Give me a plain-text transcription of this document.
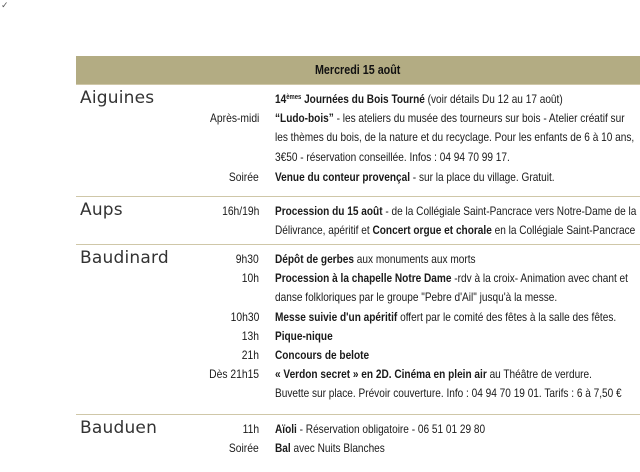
✓
Mercredi 15 août
Aiguines	14èmes Journées du Bois Tourné (voir détails Du 12 au 17 août)
Après-midi “Ludo-bois” - les ateliers du musée des tourneurs sur bois - Atelier créatif sur
les thèmes du bois, de la nature et du recyclage. Pour les enfants de 6 à 10 ans,
3€50 - réservation conseillée. Infos : 04 94 70 99 17.
Soirée Venue du conteur provençal - sur la place du village. Gratuit.
Aups	16h/19h Procession du 15 août - de la Collégiale Saint-Pancrace vers Notre-Dame de la
Délivrance, apéritif et Concert orgue et chorale en la Collégiale Saint-Pancrace
Baudinard	9h30 Dépôt de gerbes aux monuments aux morts
10h Procession à la chapelle Notre Dame -rdv à la croix- Animation avec chant et
danse folkloriques par le groupe "Pebre d'Ail" jusqu'à la messe.
10h30 Messe suivie d'un apéritif offert par le comité des fêtes à la salle des fêtes.
13h Pique-nique
21h Concours de belote
Dès 21h15 « Verdon secret » en 2D. Cinéma en plein air au Théâtre de verdure.
Buvette sur place. Prévoir couverture. Info : 04 94 70 19 01. Tarifs : 6 à 7,50 €
Bauduen	11h Aïoli - Réservation obligatoire - 06 51 01 29 80
Soirée Bal avec Nuits Blanches
